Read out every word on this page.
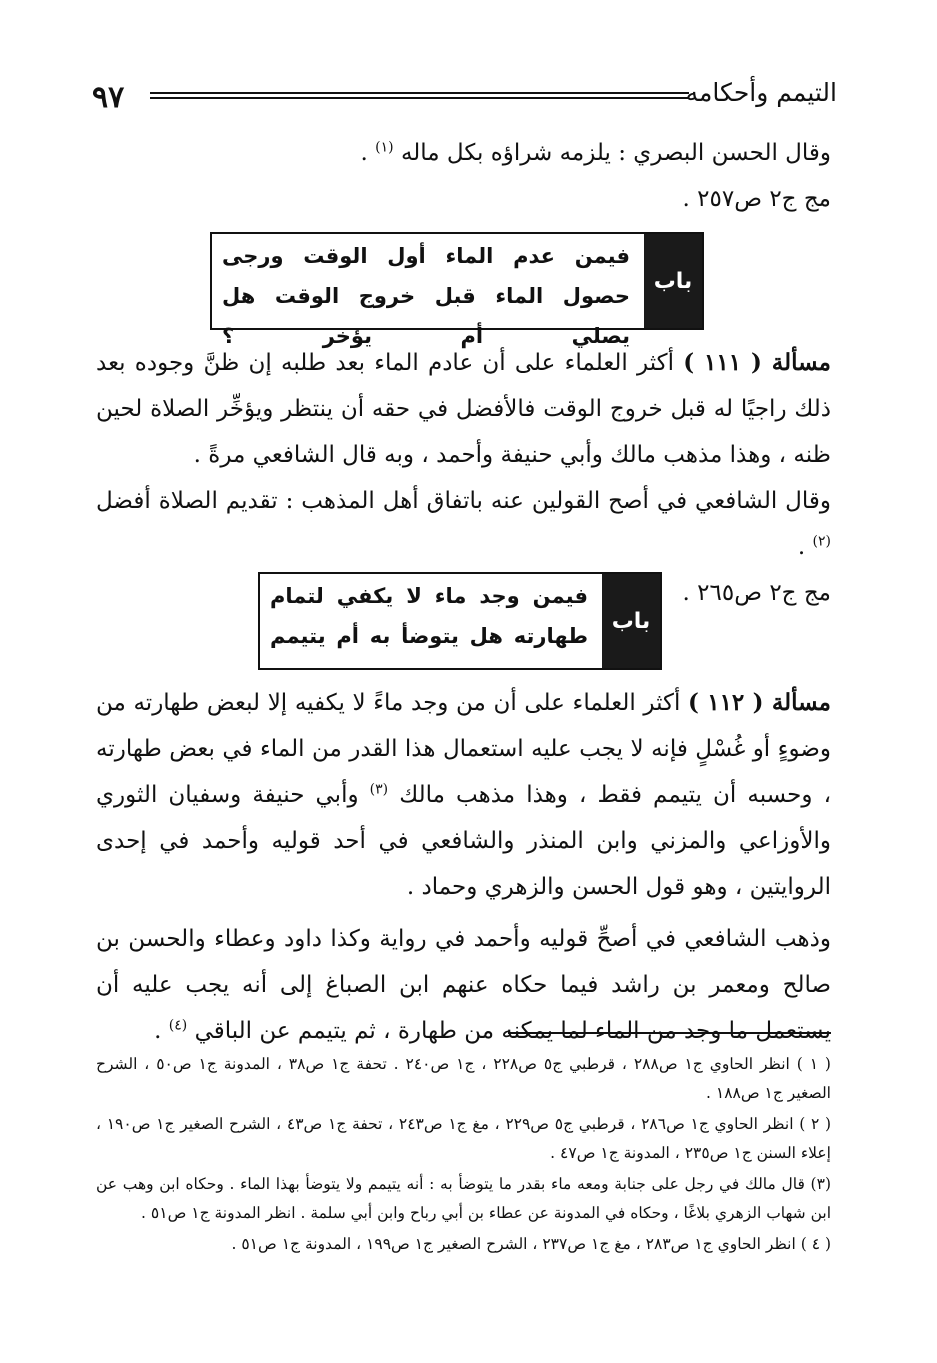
٩٧	التيمم وأحكامه
وقال الحسن البصري : يلزمه شراؤه بكل ماله $^{(١)}$ .
مج ج٢ ص٢٥٧ .
باب
فيمن عدم الماء أول الوقت ورجى حصول الماء قبل خروج الوقت هل يصلي أم يؤخر ؟
مسألة ( ١١١ ) أكثر العلماء على أن عادم الماء بعد طلبه إن ظنَّ وجوده بعد ذلك راجيًا له قبل خروج الوقت فالأفضل في حقه أن ينتظر ويؤخِّر الصلاة لحين ظنه ، وهذا مذهب مالك وأبي حنيفة وأحمد ، وبه قال الشافعي مرةً .
وقال الشافعي في أصح القولين عنه باتفاق أهل المذهب : تقديم الصلاة أفضل $^{(٢)}$ .
مج ج٢ ص٢٦٥ .
باب
فيمن وجد ماء لا يكفي لتمام طهارته هل يتوضأ به أم يتيمم
مسألة ( ١١٢ ) أكثر العلماء على أن من وجد ماءً لا يكفيه إلا لبعض طهارته من وضوءٍ أو غُسْلٍ فإنه لا يجب عليه استعمال هذا القدر من الماء في بعض طهارته ، وحسبه أن يتيمم فقط ، وهذا مذهب مالك $^{(٣)}$ وأبي حنيفة وسفيان الثوري والأوزاعي والمزني وابن المنذر والشافعي في أحد قوليه وأحمد في إحدى الروايتين ، وهو قول الحسن والزهري وحماد .
وذهب الشافعي في أصحِّ قوليه وأحمد في رواية وكذا داود وعطاء والحسن بن صالح ومعمر بن راشد فيما حكاه عنهم ابن الصباغ إلى أنه يجب عليه أن يستعمل ما وجد من الماء لما يمكنه من طهارة ، ثم يتيمم عن الباقي $^{(٤)}$ .

( ١ ) انظر الحاوي ج١ ص٢٨٨ ، قرطبي ج٥ ص٢٢٨ ، ج١ ص٢٤٠ . تحفة ج١ ص٣٨ ، المدونة ج١ ص٥٠ ، الشرح الصغير ج١ ص١٨٨ .

( ٢ ) انظر الحاوي ج١ ص٢٨٦ ، قرطبي ج٥ ص٢٢٩ ، مغ ج١ ص٢٤٣ ، تحفة ج١ ص٤٣ ، الشرح الصغير ج١ ص١٩٠ ، إعلاء السنن ج١ ص٢٣٥ ، المدونة ج١ ص٤٧ .

(٣) قال مالك في رجل على جنابة ومعه ماء بقدر ما يتوضأ به : أنه يتيمم ولا يتوضأ بهذا الماء . وحكاه ابن وهب عن ابن شهاب الزهري بلاغًا ، وحكاه في المدونة عن عطاء بن أبي رباح وابن أبي سلمة . انظر المدونة ج١ ص٥١ .

( ٤ ) انظر الحاوي ج١ ص٢٨٣ ، مغ ج١ ص٢٣٧ ، الشرح الصغير ج١ ص١٩٩ ، المدونة ج١ ص٥١ .
